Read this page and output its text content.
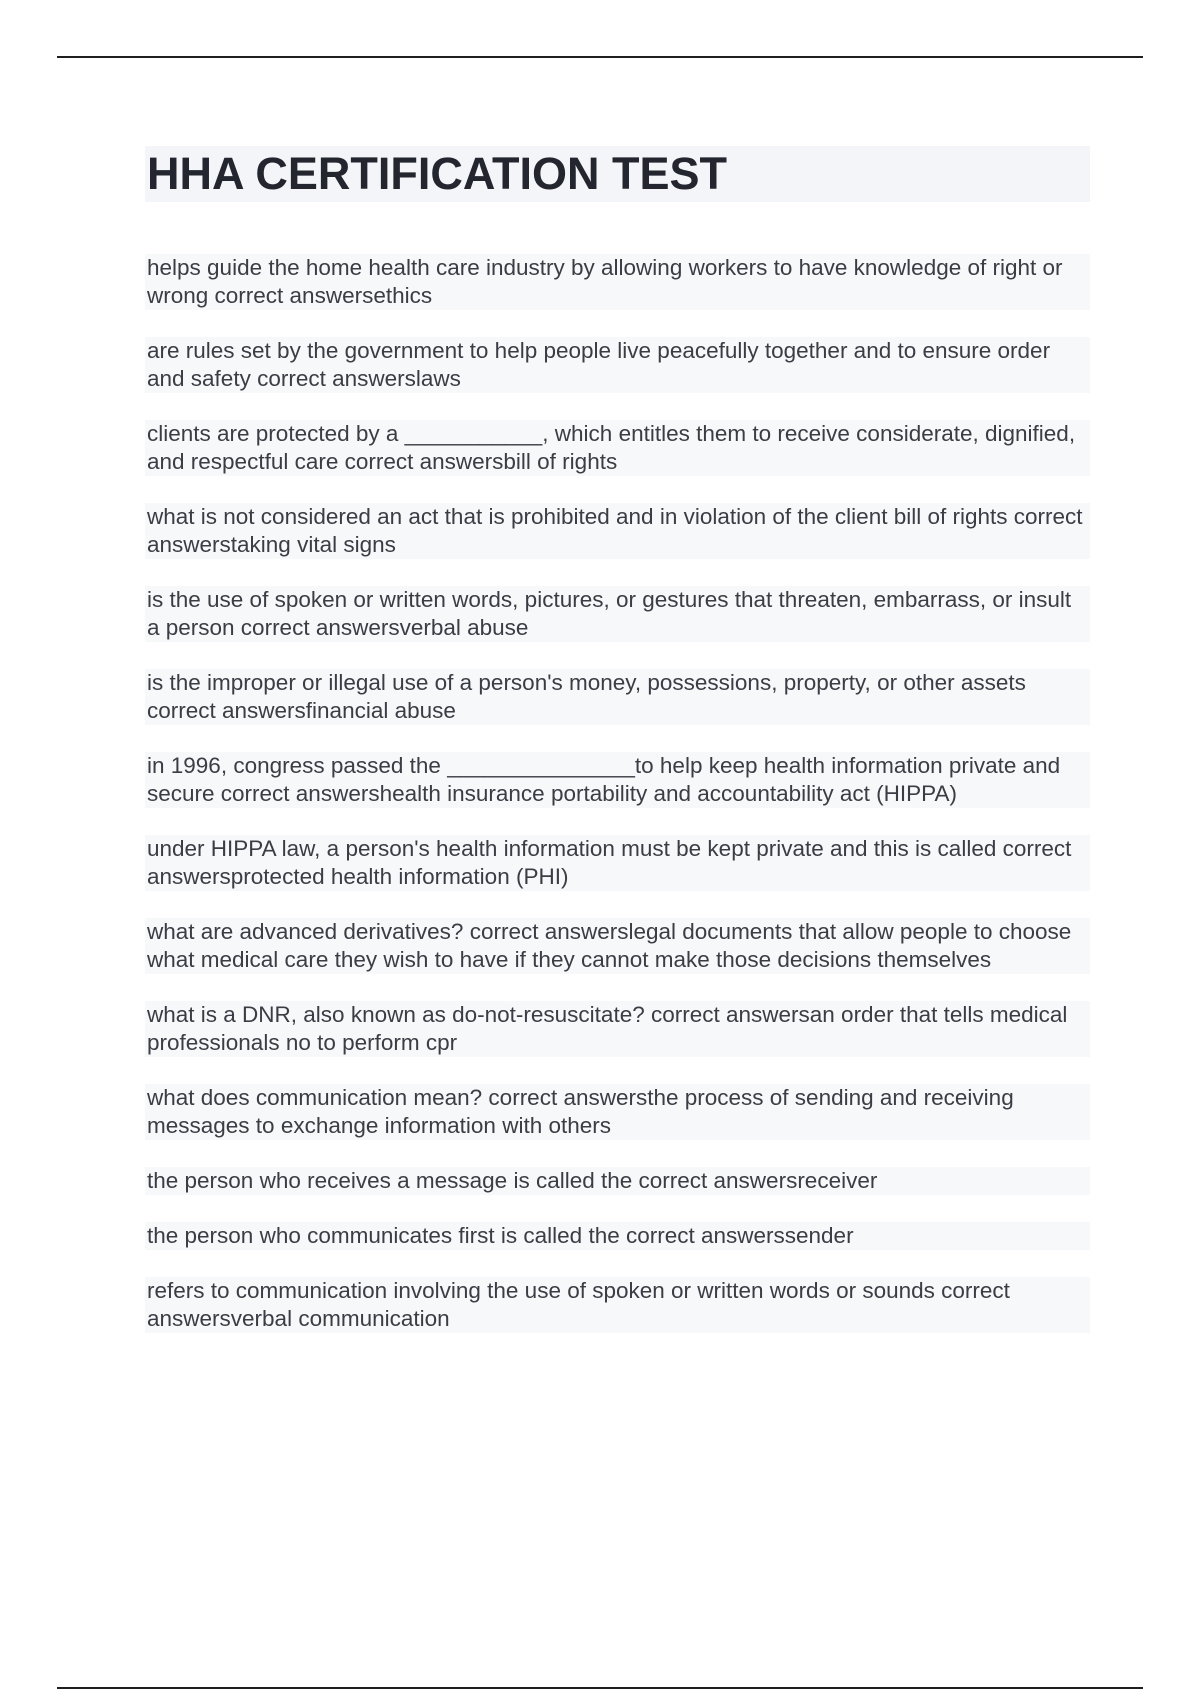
HHA CERTIFICATION TEST
helps guide the home health care industry by allowing workers to have knowledge of right or wrong correct answersethics
are rules set by the government to help people live peacefully together and to ensure order and safety correct answerslaws
clients are protected by a ___________, which entitles them to receive considerate, dignified, and respectful care correct answersbill of rights
what is not considered an act that is prohibited and in violation of the client bill of rights correct answerstaking vital signs
is the use of spoken or written words, pictures, or gestures that threaten, embarrass, or insult a person correct answersverbal abuse
is the improper or illegal use of a person's money, possessions, property, or other assets correct answersfinancial abuse
in 1996, congress passed the _______________to help keep health information private and secure correct answershealth insurance portability and accountability act (HIPPA)
under HIPPA law, a person's health information must be kept private and this is called correct answersprotected health information (PHI)
what are advanced derivatives? correct answerslegal documents that allow people to choose what medical care they wish to have if they cannot make those decisions themselves
what is a DNR, also known as do-not-resuscitate? correct answersan order that tells medical professionals no to perform cpr
what does communication mean? correct answersthe process of sending and receiving messages to exchange information with others
the person who receives a message is called the correct answersreceiver
the person who communicates first is called the correct answerssender
refers to communication involving the use of spoken or written words or sounds correct answersverbal communication
